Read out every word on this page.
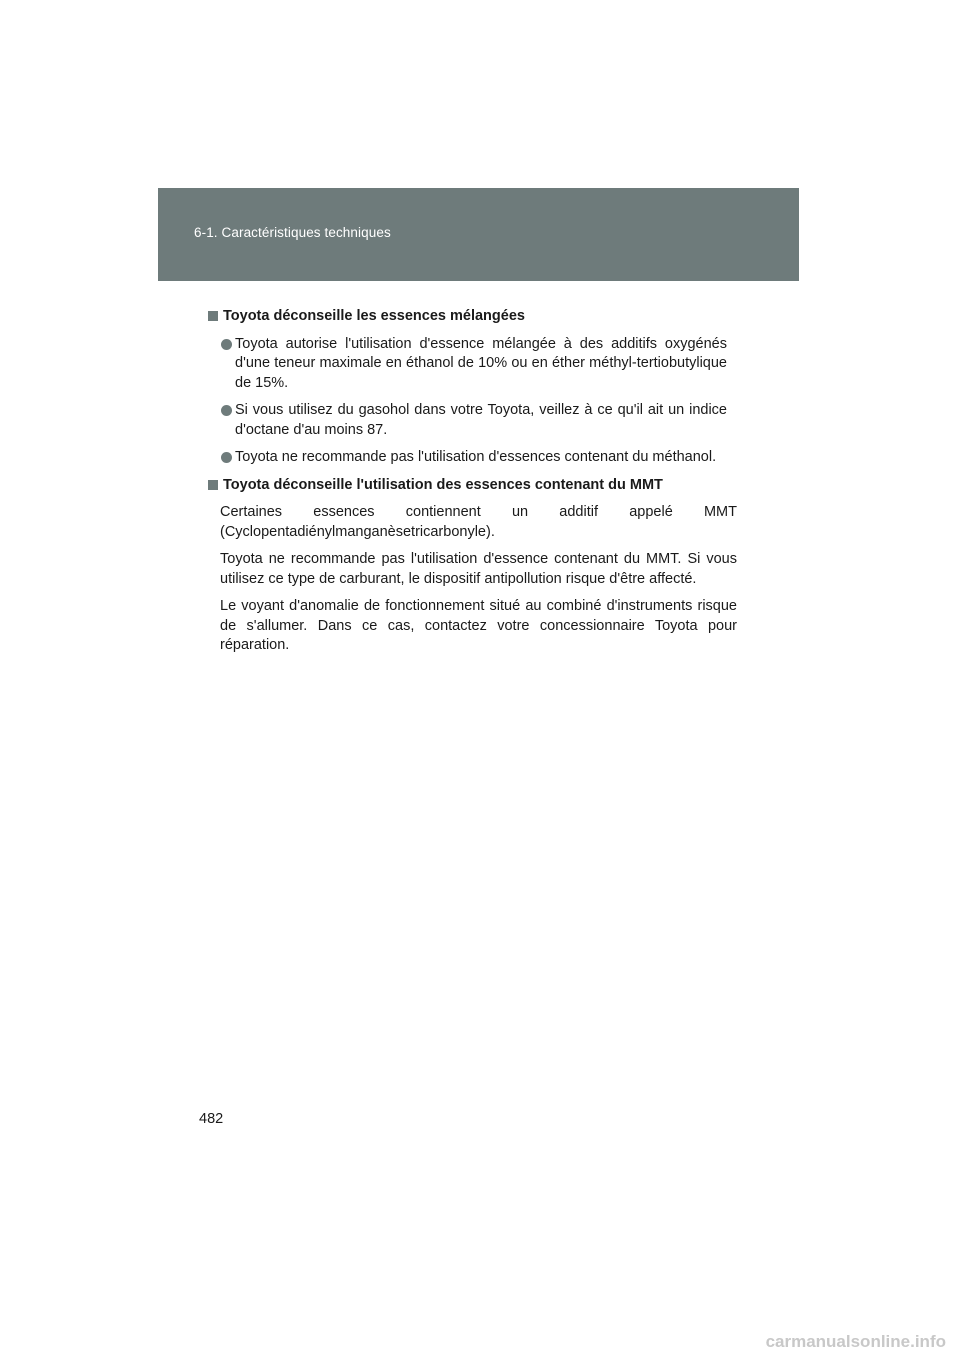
6-1. Caractéristiques techniques
Toyota déconseille les essences mélangées
Toyota autorise l'utilisation d'essence mélangée à des additifs oxygénés d'une teneur maximale en éthanol de 10% ou en éther méthyl-tertiobutylique de 15%.
Si vous utilisez du gasohol dans votre Toyota, veillez à ce qu'il ait un indice d'octane d'au moins 87.
Toyota ne recommande pas l'utilisation d'essences contenant du méthanol.
Toyota déconseille l'utilisation des essences contenant du MMT
Certaines essences contiennent un additif appelé MMT (Cyclopentadiénylmanganèsetricarbonyle).
Toyota ne recommande pas l'utilisation d'essence contenant du MMT. Si vous utilisez ce type de carburant, le dispositif antipollution risque d'être affecté.
Le voyant d'anomalie de fonctionnement situé au combiné d'instruments risque de s'allumer. Dans ce cas, contactez votre concessionnaire Toyota pour réparation.
482
carmanualsonline.info
